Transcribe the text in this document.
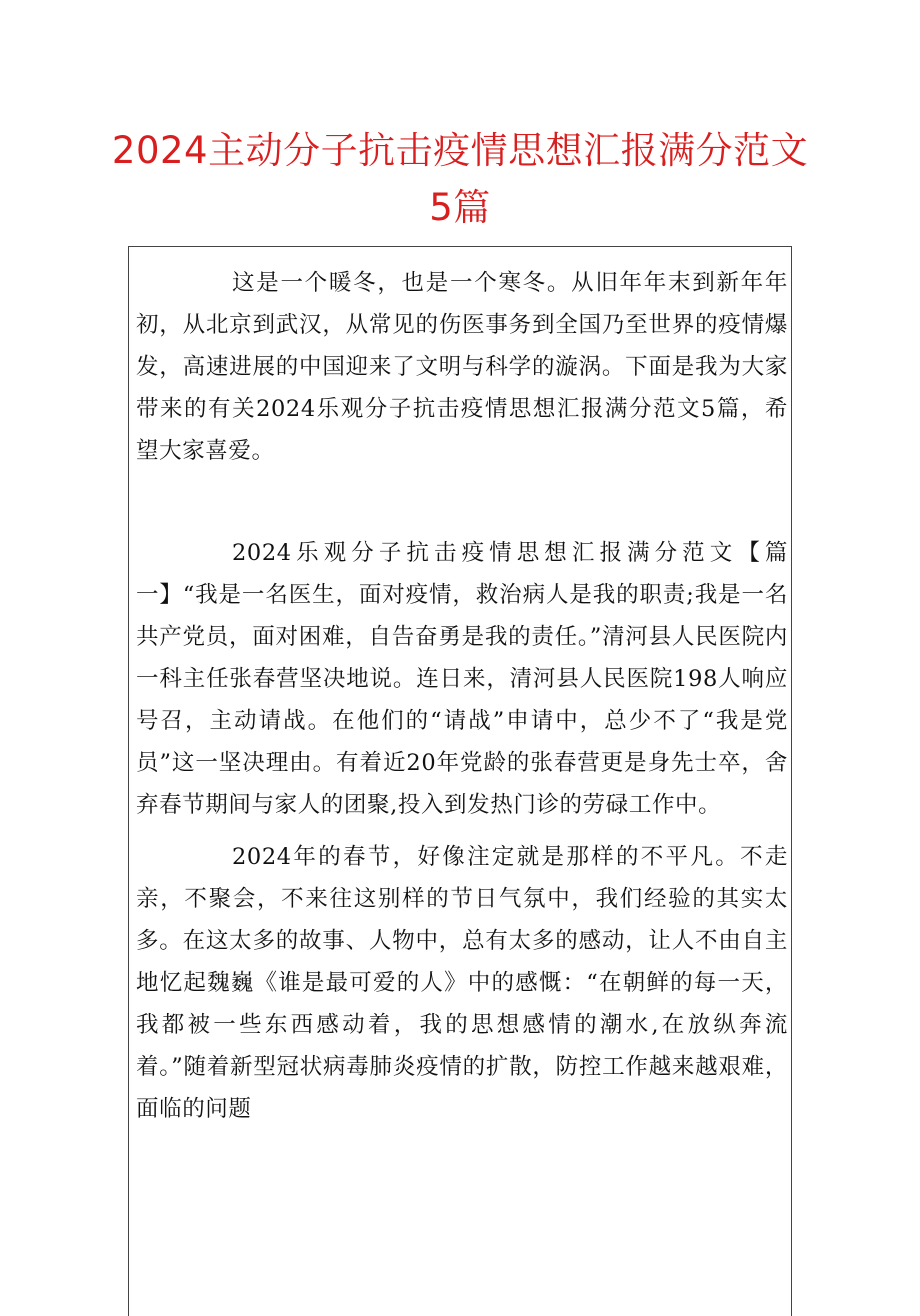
2024主动分子抗击疫情思想汇报满分范文5篇

这是一个暖冬，也是一个寒冬。从旧年年末到新年年初，从北京到武汉，从常见的伤医事务到全国乃至世界的疫情爆发，高速进展的中国迎来了文明与科学的漩涡。下面是我为大家带来的有关2024乐观分子抗击疫情思想汇报满分范文5篇，希望大家喜爱。

2024乐观分子抗击疫情思想汇报满分范文【篇一】“我是一名医生，面对疫情，救治病人是我的职责;我是一名共产党员，面对困难，自告奋勇是我的责任。”清河县人民医院内一科主任张春营坚决地说。连日来，清河县人民医院198人响应号召，主动请战。在他们的“请战”申请中，总少不了“我是党员”这一坚决理由。有着近20年党龄的张春营更是身先士卒，舍弃春节期间与家人的团聚,投入到发热门诊的劳碌工作中。

2024年的春节，好像注定就是那样的不平凡。不走亲，不聚会，不来往这别样的节日气氛中，我们经验的其实太多。在这太多的故事、人物中，总有太多的感动，让人不由自主地忆起魏巍《谁是最可爱的人》中的感慨：“在朝鲜的每一天，我都被一些东西感动着，我的思想感情的潮水,在放纵奔流着。”随着新型冠状病毒肺炎疫情的扩散，防控工作越来越艰难，面临的问题
